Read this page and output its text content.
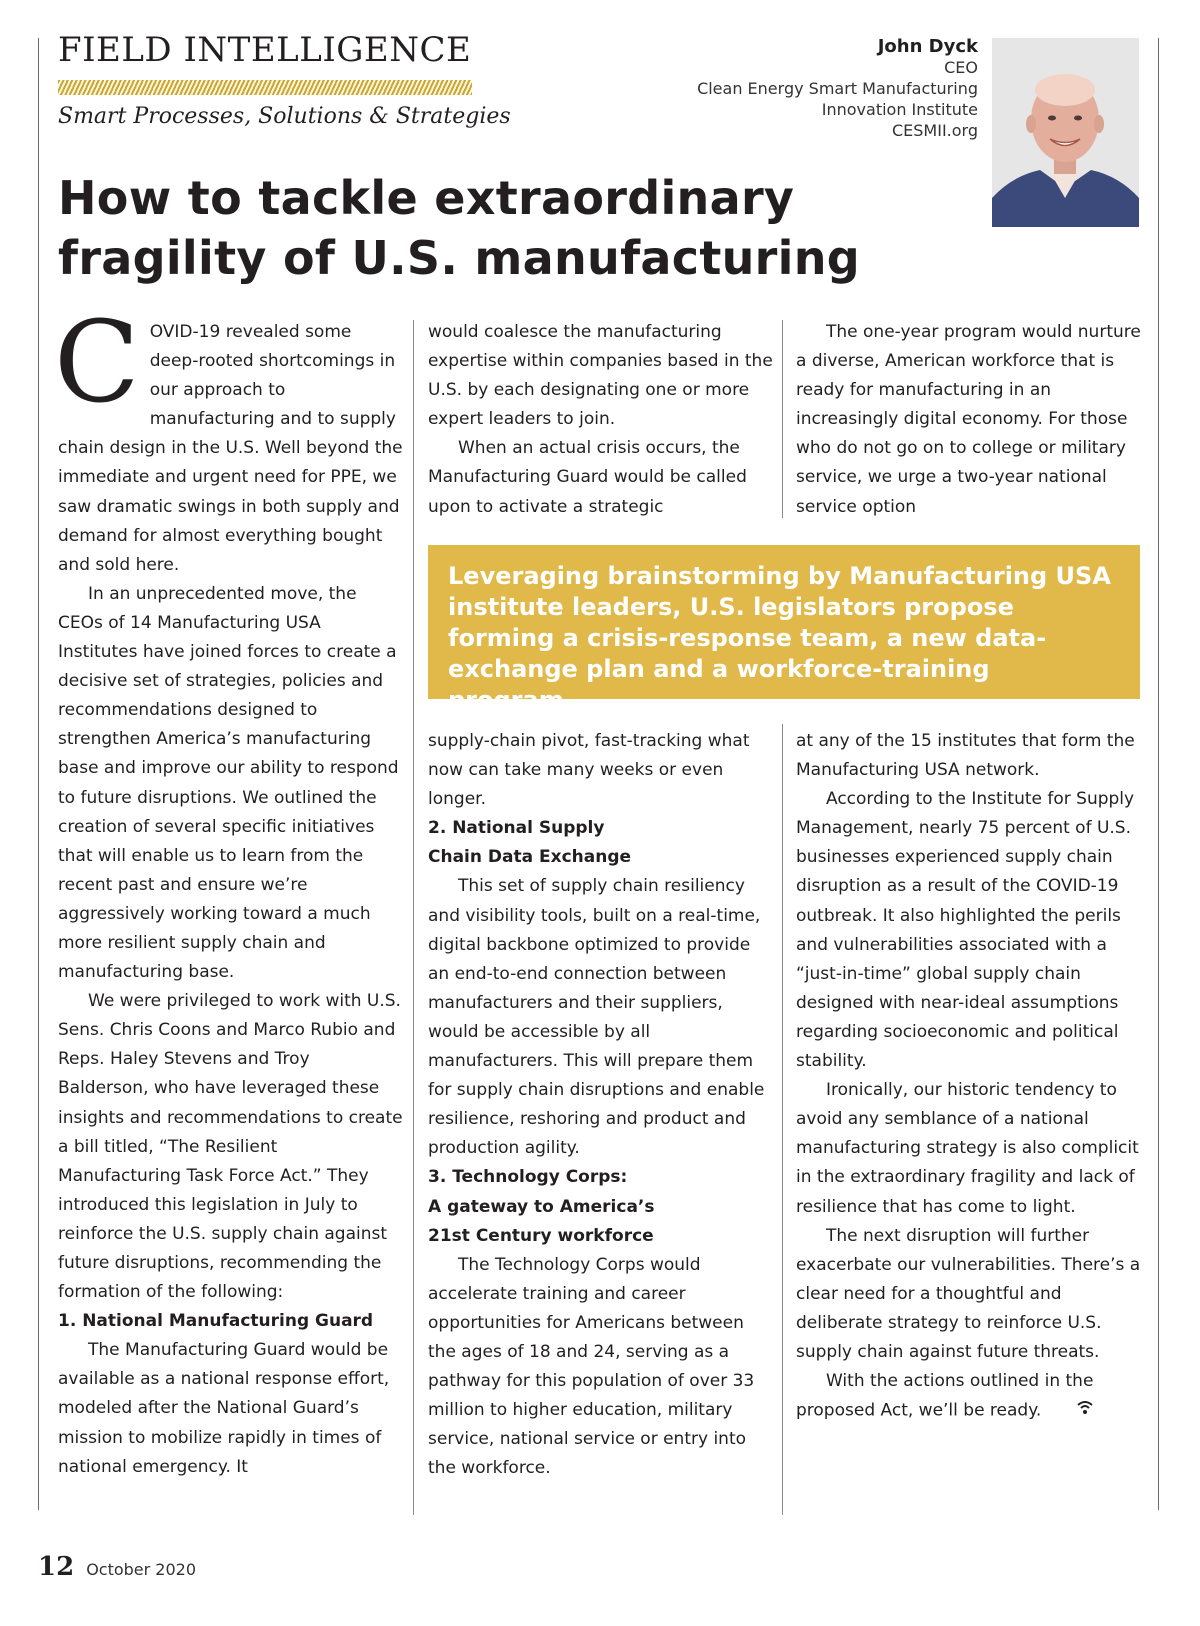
FIELD INTELLIGENCE
Smart Processes, Solutions & Strategies
John Dyck
CEO
Clean Energy Smart Manufacturing
Innovation Institute
CESMII.org
How to tackle extraordinary fragility of U.S. manufacturing
C OVID-19 revealed some deep-rooted shortcomings in our approach to manufacturing and to supply chain design in the U.S. Well beyond the immediate and urgent need for PPE, we saw dramatic swings in both supply and demand for almost everything bought and sold here.

In an unprecedented move, the CEOs of 14 Manufacturing USA Institutes have joined forces to create a decisive set of strategies, policies and recommendations designed to strengthen America’s manufacturing base and improve our ability to respond to future disruptions. We outlined the creation of several specific initiatives that will enable us to learn from the recent past and ensure we’re aggressively working toward a much more resilient supply chain and manufacturing base.

We were privileged to work with U.S. Sens. Chris Coons and Marco Rubio and Reps. Haley Stevens and Troy Balderson, who have leveraged these insights and recommendations to create a bill titled, “The Resilient Manufacturing Task Force Act.” They introduced this legislation in July to reinforce the U.S. supply chain against future disruptions, recommending the formation of the following:

1. National Manufacturing Guard

The Manufacturing Guard would be available as a national response effort, modeled after the National Guard’s mission to mobilize rapidly in times of national emergency. It

would coalesce the manufacturing expertise within companies based in the U.S. by each designating one or more expert leaders to join.

When an actual crisis occurs, the Manufacturing Guard would be called upon to activate a strategic

The one-year program would nurture a diverse, American workforce that is ready for manufacturing in an increasingly digital economy. For those who do not go on to college or military service, we urge a two-year national service option

Leveraging brainstorming by Manufacturing USA institute leaders, U.S. legislators propose forming a crisis-response team, a new data-exchange plan and a workforce-training program.

supply-chain pivot, fast-tracking what now can take many weeks or even longer.

2. National Supply
Chain Data Exchange

This set of supply chain resiliency and visibility tools, built on a real-time, digital backbone optimized to provide an end-to-end connection between manufacturers and their suppliers, would be accessible by all manufacturers. This will prepare them for supply chain disruptions and enable resilience, reshoring and product and production agility.

3. Technology Corps:
A gateway to America’s
21st Century workforce

The Technology Corps would accelerate training and career opportunities for Americans between the ages of 18 and 24, serving as a pathway for this population of over 33 million to higher education, military service, national service or entry into the workforce.

at any of the 15 institutes that form the Manufacturing USA network.

According to the Institute for Supply Management, nearly 75 percent of U.S. businesses experienced supply chain disruption as a result of the COVID-19 outbreak. It also highlighted the perils and vulnerabilities associated with a “just-in-time” global supply chain designed with near-ideal assumptions regarding socioeconomic and political stability.

Ironically, our historic tendency to avoid any semblance of a national manufacturing strategy is also complicit in the extraordinary fragility and lack of resilience that has come to light.

The next disruption will further exacerbate our vulnerabilities. There’s a clear need for a thoughtful and deliberate strategy to reinforce U.S. supply chain against future threats.

With the actions outlined in the proposed Act, we’ll be ready.

12 October 2020
